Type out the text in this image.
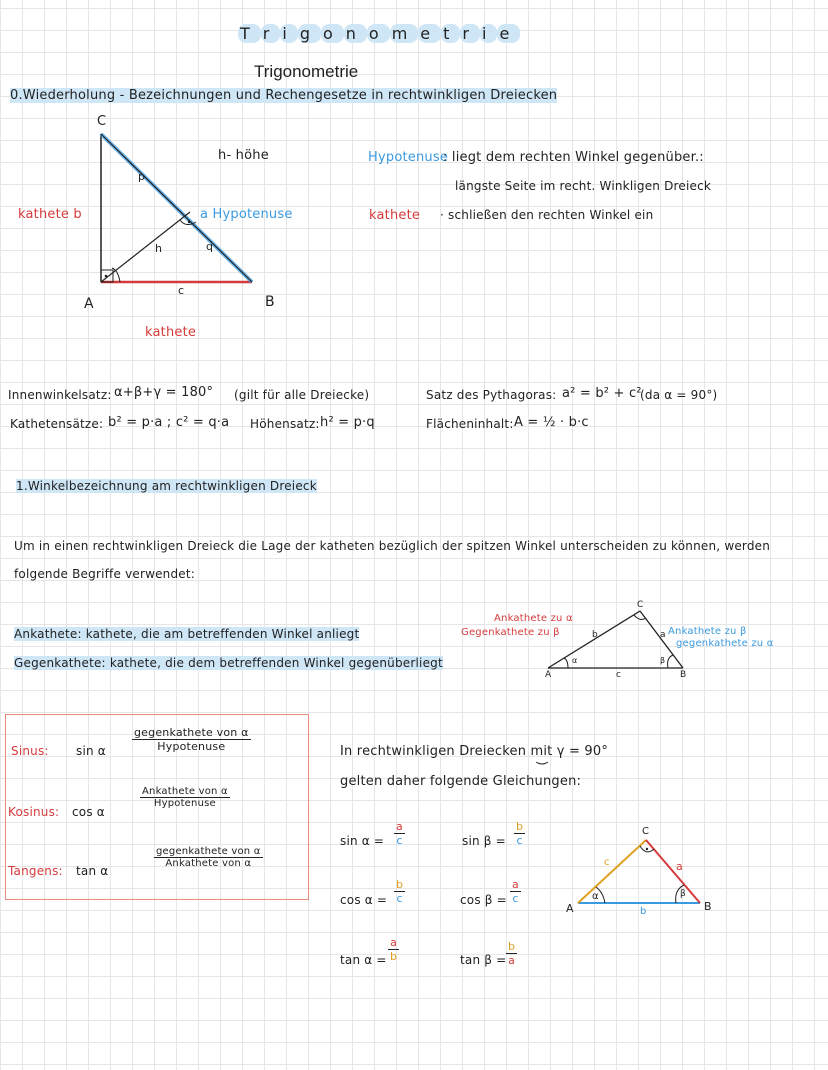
T r i g o n o m e t r i e
Trigonometrie
0.Wiederholung - Bezeichnungen und Rechengesetze in rechtwinkligen Dreiecken
C
A	B
kathete b	a Hypotenuse
kathete
h- höhe
h
p
q
c
Hypotenuse
: liegt dem rechten Winkel gegenüber.:
längste Seite im recht. Winkligen Dreieck
kathete · schließen den rechten Winkel ein
Innenwinkelsatz: α+β+γ = 180° (gilt für alle Dreiecke)
Kathetensätze: b² = p·a ; c² = q·a Höhensatz: h² = p·q
Satz des Pythagoras: a² = b² + c²
(da α = 90°)
Flächeninhalt: A = ½ · b·c
1.Winkelbezeichnung am rechtwinkligen Dreieck
Um in einen rechtwinkligen Dreieck die Lage der katheten bezüglich der spitzen Winkel unterscheiden zu können, werden
folgende Begriffe verwendet:
Ankathete: kathete, die am betreffenden Winkel anliegt
Gegenkathete: kathete, die dem betreffenden Winkel gegenüberliegt
Ankathete zu α
Gegenkathete zu β	Ankathete zu β
gegenkathete zu α
A	B
C
b	a
c
α	β
Sinus: sin α
gegenkathete von α
Hypotenuse
Kosinus: cos α
Ankathete von α
Hypotenuse
Tangens: tan α
gegenkathete von α
Ankathete von α
In rechtwinkligen Dreiecken mit γ = 90°
gelten daher folgende Gleichungen:
$\sin \alpha = \frac{a}{c}$
$\cos \alpha = \frac{b}{c}$
$\tan \alpha = \frac{a}{b}$
$\sin \beta = \frac{b}{c}$
$\cos \beta = \frac{a}{c}$
$\tan \beta = \frac{b}{a}$
A	B
C
a
b
c
α	β
